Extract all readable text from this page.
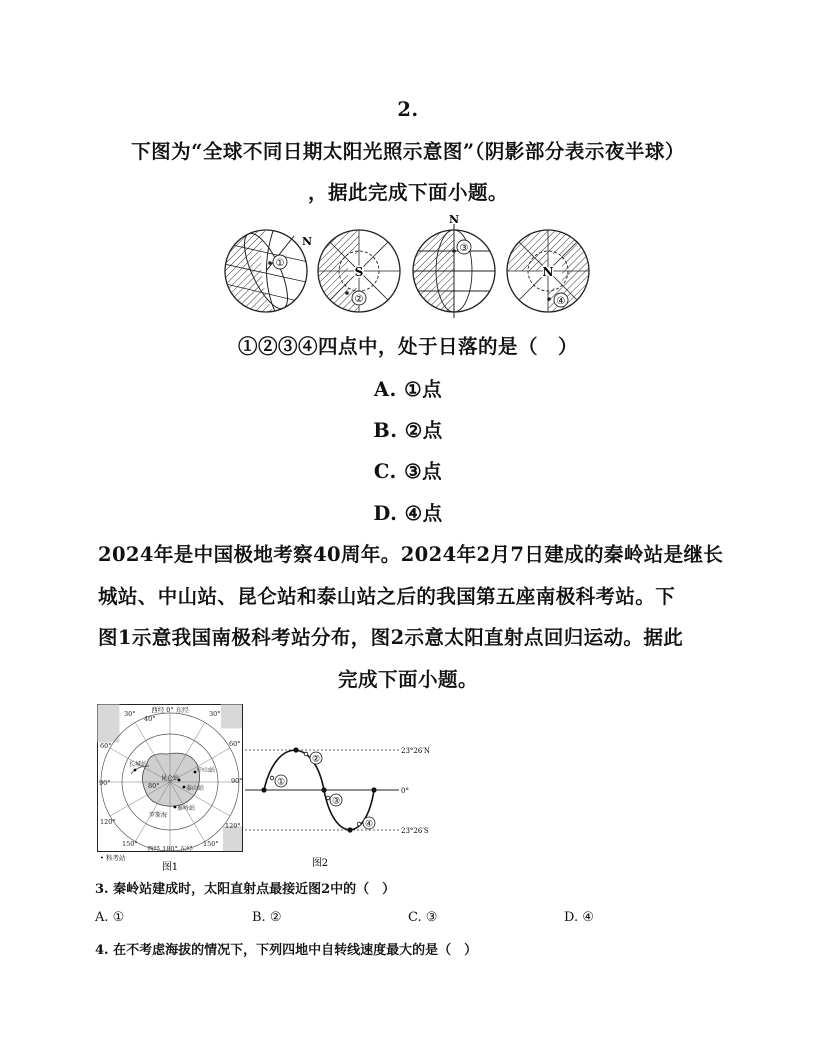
2.
下图为“全球不同日期太阳光照示意图”（阴影部分表示夜半球）
，据此完成下面小题。
①
N
S
②
N
③
N
④
①②③④四点中，处于日落的是（　）
A. ①点
B. ②点
C. ③点
D. ④点
2024年是中国极地考察40周年。2024年2月7日建成的秦岭站是继长
城站、中山站、昆仑站和泰山站之后的我国第五座南极科考站。下
图1示意我国南极科考站分布，图2示意太阳直射点回归运动。据此
完成下面小题。
西经 0° 东经
30°
40°
30°
60°	60°
90°	90°
120°	120°
150°	150°
西经 180° 东经
80°
长城站
昆仑站
中山站
泰山站
秦岭站
罗斯海
• 科考站
图1
23°26′N
0°
23°26′S
①
②
③
④
图2
3. 秦岭站建成时，太阳直射点最接近图2中的（　）
A. ①	B. ②	C. ③	D. ④
4. 在不考虑海拔的情况下，下列四地中自转线速度最大的是（　）
